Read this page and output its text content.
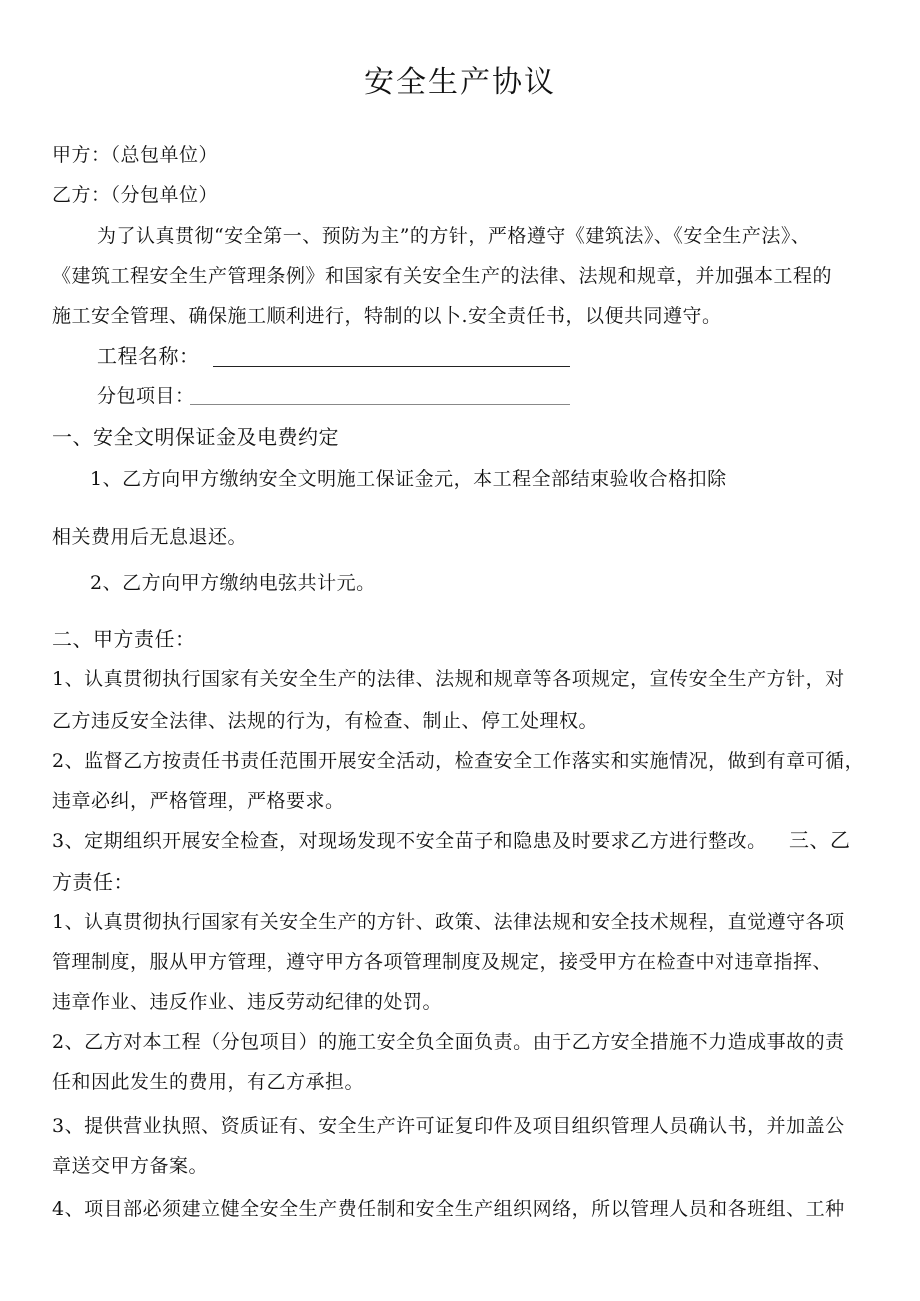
安全生产协议
甲方：（总包单位）
乙方：（分包单位）
为了认真贯彻“安全第一、预防为主”的方针，严格遵守《建筑法》、《安全生产法》、
《建筑工程安全生产管理条例》和国家有关安全生产的法律、法规和规章，并加强本工程的
施工安全管理、确保施工顺利进行，特制的以卜.安全责任书，以便共同遵守。
工程名称：
分包项目：
一、安全文明保证金及电费约定
1、乙方向甲方缴纳安全文明施工保证金元，本工程全部结束验收合格扣除
相关费用后无息退还。
2、乙方向甲方缴纳电弦共计元。
二、甲方责任：
1、认真贯彻执行国家有关安全生产的法律、法规和规章等各项规定，宣传安全生产方针，对
乙方违反安全法律、法规的行为，有检查、制止、停工处理权。
2、监督乙方按责任书责任范围开展安全活动，检查安全工作落实和实施情况，做到有章可循，
违章必纠，严格管理，严格要求。
3、定期组织开展安全检查，对现场发现不安全苗子和隐患及时要求乙方进行整改。 三、乙
方责任：
1、认真贯彻执行国家有关安全生产的方针、政策、法律法规和安全技术规程，直觉遵守各项
管理制度，服从甲方管理，遵守甲方各项管理制度及规定，接受甲方在检查中对违章指挥、
违章作业、违反作业、违反劳动纪律的处罚。
2、乙方对本工程（分包项目）的施工安全负全面负责。由于乙方安全措施不力造成事故的责
任和因此发生的费用，有乙方承担。
3、提供营业执照、资质证有、安全生产许可证复印件及项目组织管理人员确认书，并加盖公
章送交甲方备案。
4、项目部必须建立健全安全生产费任制和安全生产组织网络，所以管理人员和各班组、工种
